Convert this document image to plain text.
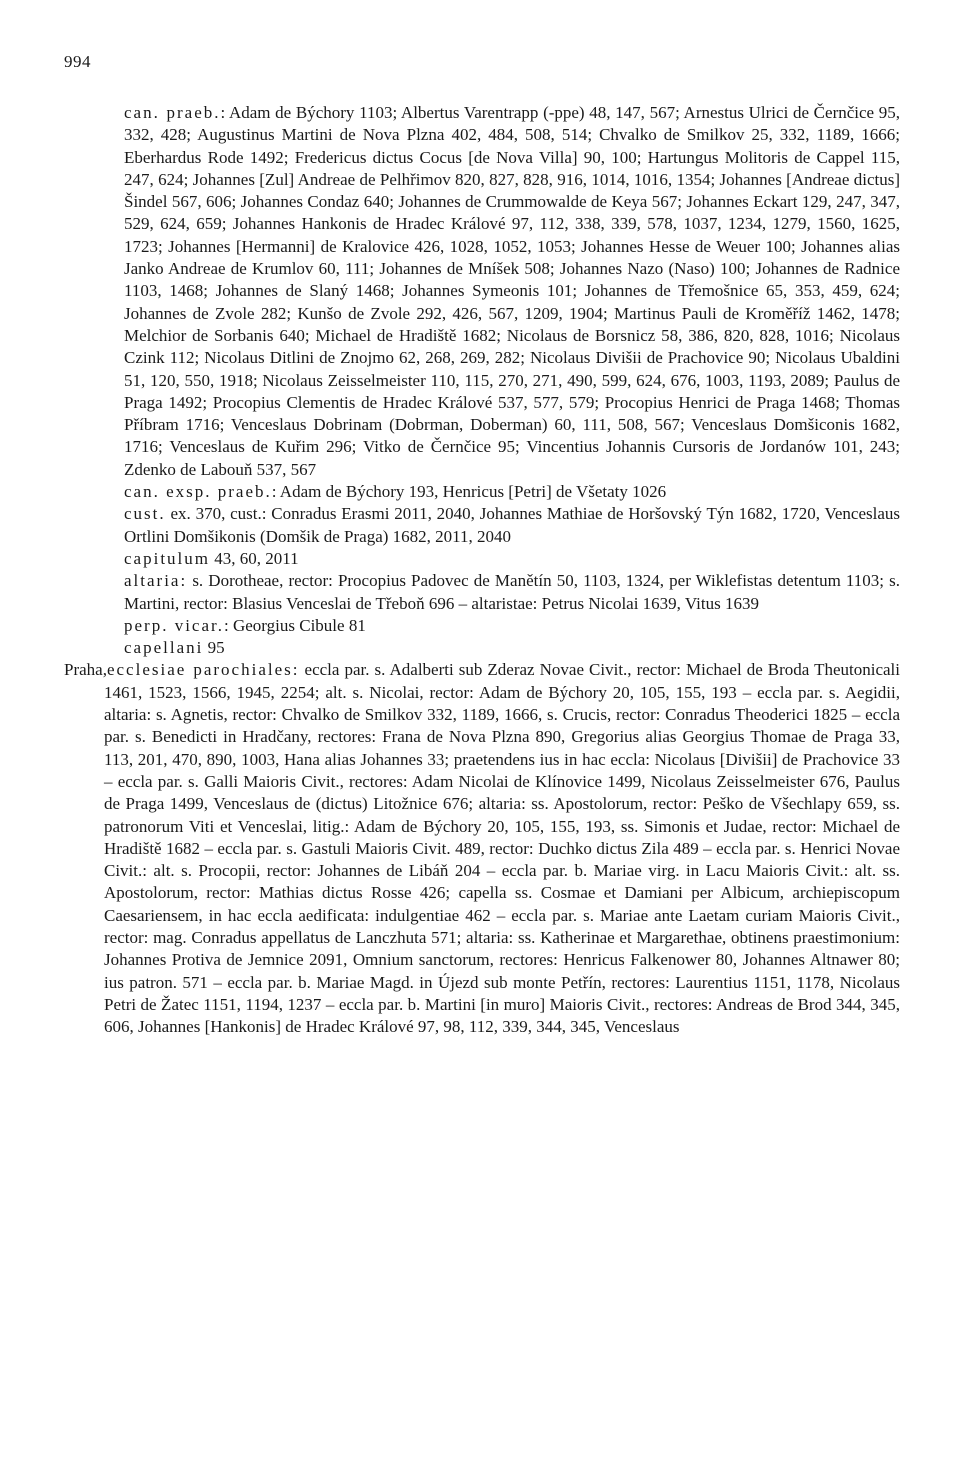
994

can. praeb.: Adam de Býchory 1103; Albertus Varentrapp (-ppe) 48, 147, 567; Arnestus Ulrici de Černčice 95, 332, 428; Augustinus Martini de Nova Plzna 402, 484, 508, 514; Chvalko de Smilkov 25, 332, 1189, 1666; Eberhardus Rode 1492; Fredericus dictus Cocus [de Nova Villa] 90, 100; Hartungus Molitoris de Cappel 115, 247, 624; Johannes [Zul] Andreae de Pelhřimov 820, 827, 828, 916, 1014, 1016, 1354; Johannes [Andreae dictus] Šindel 567, 606; Johannes Condaz 640; Johannes de Crummowalde de Keya 567; Johannes Eckart 129, 247, 347, 529, 624, 659; Johannes Hankonis de Hradec Králové 97, 112, 338, 339, 578, 1037, 1234, 1279, 1560, 1625, 1723; Johannes [Hermanni] de Kralovice 426, 1028, 1052, 1053; Johannes Hesse de Weuer 100; Johannes alias Janko Andreae de Krumlov 60, 111; Johannes de Mníšek 508; Johannes Nazo (Naso) 100; Johannes de Radnice 1103, 1468; Johannes de Slaný 1468; Johannes Symeonis 101; Johannes de Třemošnice 65, 353, 459, 624; Johannes de Zvole 282; Kunšo de Zvole 292, 426, 567, 1209, 1904; Martinus Pauli de Kroměříž 1462, 1478; Melchior de Sorbanis 640; Michael de Hradiště 1682; Nicolaus de Borsnicz 58, 386, 820, 828, 1016; Nicolaus Czink 112; Nicolaus Ditlini de Znojmo 62, 268, 269, 282; Nicolaus Divišii de Prachovice 90; Nicolaus Ubaldini 51, 120, 550, 1918; Nicolaus Zeisselmeister 110, 115, 270, 271, 490, 599, 624, 676, 1003, 1193, 2089; Paulus de Praga 1492; Procopius Clementis de Hradec Králové 537, 577, 579; Procopius Henrici de Praga 1468; Thomas Příbram 1716; Venceslaus Dobrinam (Dobrman, Doberman) 60, 111, 508, 567; Venceslaus Domšiconis 1682, 1716; Venceslaus de Kuřim 296; Vitko de Černčice 95; Vincentius Johannis Cursoris de Jordanów 101, 243; Zdenko de Labouň 537, 567

can. exsp. praeb.: Adam de Býchory 193, Henricus [Petri] de Všetaty 1026

cust. ex. 370, cust.: Conradus Erasmi 2011, 2040, Johannes Mathiae de Horšovský Týn 1682, 1720, Venceslaus Ortlini Domšikonis (Domšik de Praga) 1682, 2011, 2040

capitulum 43, 60, 2011

altaria: s. Dorotheae, rector: Procopius Padovec de Manětín 50, 1103, 1324, per Wiklefistas detentum 1103; s. Martini, rector: Blasius Venceslai de Třeboň 696 – altaristae: Petrus Nicolai 1639, Vitus 1639

perp. vicar.: Georgius Cibule 81

capellani 95

Praha,ecclesiae parochiales: eccla par. s. Adalberti sub Zderaz Novae Civit., rector: Michael de Broda Theutonicali 1461, 1523, 1566, 1945, 2254; alt. s. Nicolai, rector: Adam de Býchory 20, 105, 155, 193 – eccla par. s. Aegidii, altaria: s. Agnetis, rector: Chvalko de Smilkov 332, 1189, 1666, s. Crucis, rector: Conradus Theoderici 1825 – eccla par. s. Benedicti in Hradčany, rectores: Frana de Nova Plzna 890, Gregorius alias Georgius Thomae de Praga 33, 113, 201, 470, 890, 1003, Hana alias Johannes 33; praetendens ius in hac eccla: Nicolaus [Divišii] de Prachovice 33 – eccla par. s. Galli Maioris Civit., rectores: Adam Nicolai de Klínovice 1499, Nicolaus Zeisselmeister 676, Paulus de Praga 1499, Venceslaus de (dictus) Litožnice 676; altaria: ss. Apostolorum, rector: Peško de Všechlapy 659, ss. patronorum Viti et Venceslai, litig.: Adam de Býchory 20, 105, 155, 193, ss. Simonis et Judae, rector: Michael de Hradiště 1682 – eccla par. s. Gastuli Maioris Civit. 489, rector: Duchko dictus Zila 489 – eccla par. s. Henrici Novae Civit.: alt. s. Procopii, rector: Johannes de Libáň 204 – eccla par. b. Mariae virg. in Lacu Maioris Civit.: alt. ss. Apostolorum, rector: Mathias dictus Rosse 426; capella ss. Cosmae et Damiani per Albicum, archiepiscopum Caesariensem, in hac eccla aedificata: indulgentiae 462 – eccla par. s. Mariae ante Laetam curiam Maioris Civit., rector: mag. Conradus appellatus de Lanczhuta 571; altaria: ss. Katherinae et Margarethae, obtinens praestimonium: Johannes Protiva de Jemnice 2091, Omnium sanctorum, rectores: Henricus Falkenower 80, Johannes Altnawer 80; ius patron. 571 – eccla par. b. Mariae Magd. in Újezd sub monte Petřín, rectores: Laurentius 1151, 1178, Nicolaus Petri de Žatec 1151, 1194, 1237 – eccla par. b. Martini [in muro] Maioris Civit., rectores: Andreas de Brod 344, 345, 606, Johannes [Hankonis] de Hradec Králové 97, 98, 112, 339, 344, 345, Venceslaus
